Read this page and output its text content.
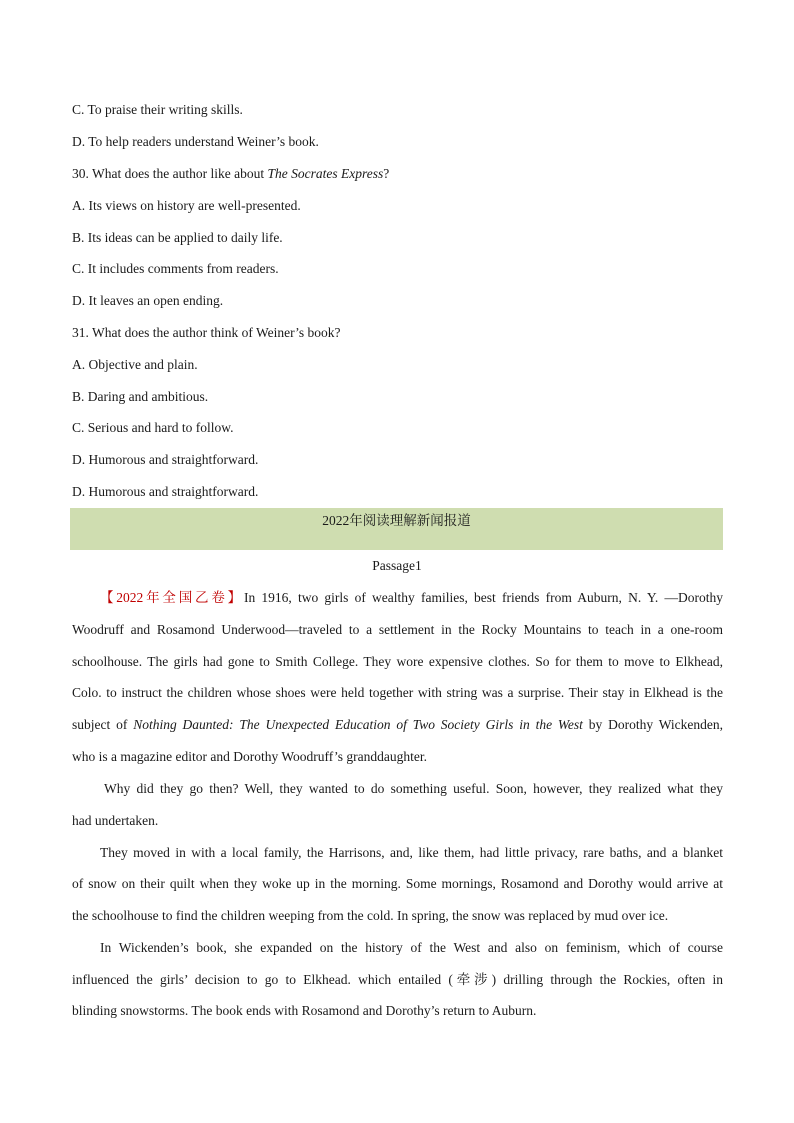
C. To praise their writing skills.
D. To help readers understand Weiner’s book.
30. What does the author like about The Socrates Express?
A. Its views on history are well-presented.
B. Its ideas can be applied to daily life.
C. It includes comments from readers.
D. It leaves an open ending.
31. What does the author think of Weiner’s book?
A. Objective and plain.
B. Daring and ambitious.
C. Serious and hard to follow.
D. Humorous and straightforward.
D. Humorous and straightforward.
2022年阅读理解新闻报道
Passage1
【2022年全国乙卷】In 1916, two girls of wealthy families, best friends from Auburn, N. Y. —Dorothy
Woodruff and Rosamond Underwood—traveled to a settlement in the Rocky Mountains to teach in a one-room
schoolhouse. The girls had gone to Smith College. They wore expensive clothes. So for them to move to Elkhead,
Colo. to instruct the children whose shoes were held together with string was a surprise. Their stay in Elkhead is the
subject of Nothing Daunted: The Unexpected Education of Two Society Girls in the West by Dorothy Wickenden,
who is a magazine editor and Dorothy Woodruff’s granddaughter.
Why did they go then? Well, they wanted to do something useful. Soon, however, they realized what they
had undertaken.
They moved in with a local family, the Harrisons, and, like them, had little privacy, rare baths, and a blanket
of snow on their quilt when they woke up in the morning. Some mornings, Rosamond and Dorothy would arrive at
the schoolhouse to find the children weeping from the cold. In spring, the snow was replaced by mud over ice.
In Wickenden’s book, she expanded on the history of the West and also on feminism, which of course
influenced the girls’ decision to go to Elkhead. which entailed (牵涉) drilling through the Rockies, often in
blinding snowstorms. The book ends with Rosamond and Dorothy’s return to Auburn.
